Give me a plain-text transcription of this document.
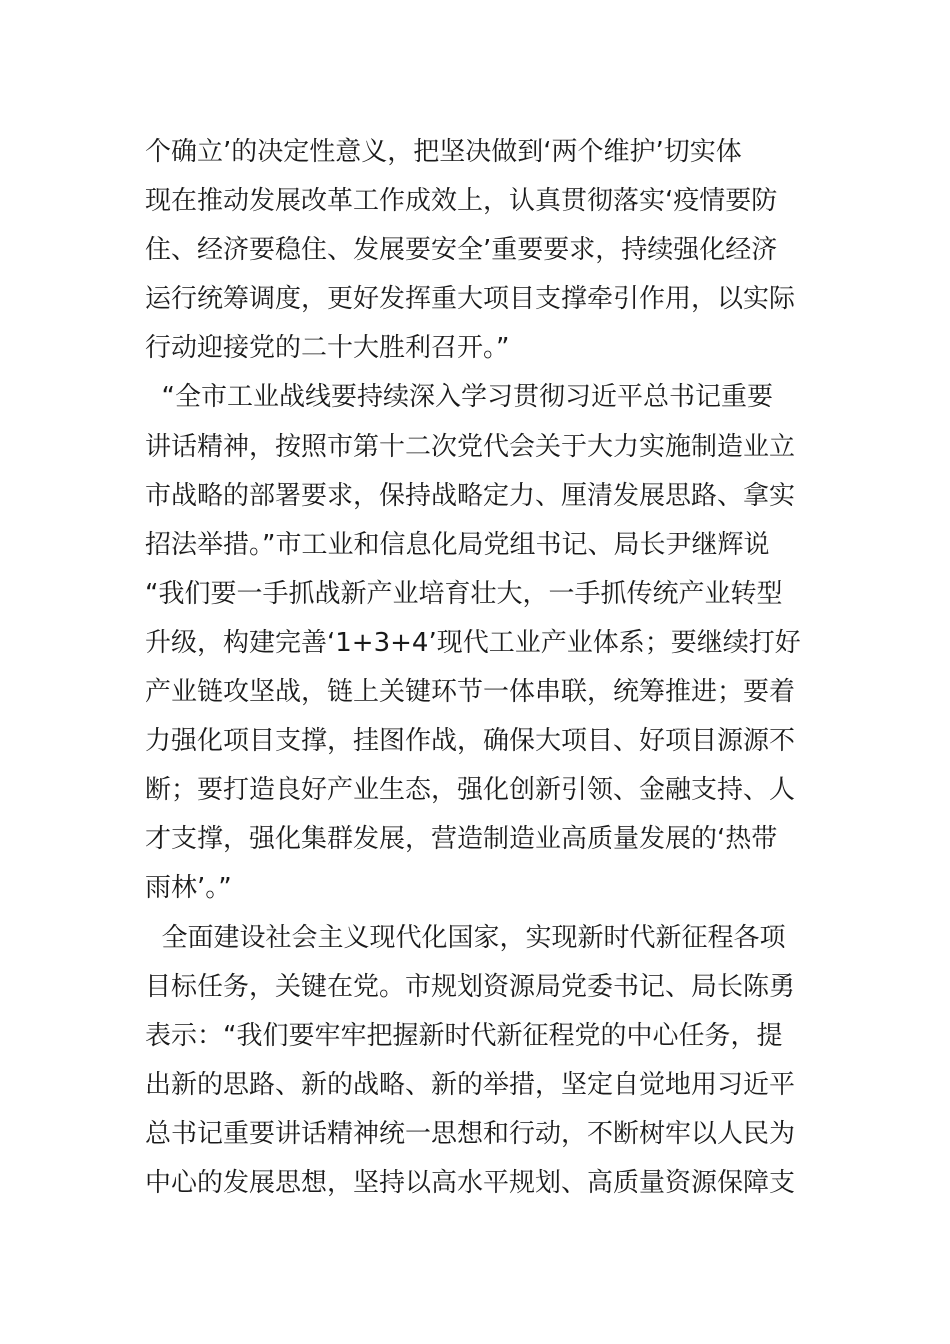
个确立’的决定性意义，把坚决做到‘两个维护’切实体
现在推动发展改革工作成效上，认真贯彻落实‘疫情要防
住、经济要稳住、发展要安全’重要要求，持续强化经济
运行统筹调度，更好发挥重大项目支撑牵引作用，以实际
行动迎接党的二十大胜利召开。”
“全市工业战线要持续深入学习贯彻习近平总书记重要
讲话精神，按照市第十二次党代会关于大力实施制造业立
市战略的部署要求，保持战略定力、厘清发展思路、拿实
招法举措。”市工业和信息化局党组书记、局长尹继辉说
“我们要一手抓战新产业培育壮大，一手抓传统产业转型
升级，构建完善‘1+3+4’现代工业产业体系；要继续打好
产业链攻坚战，链上关键环节一体串联，统筹推进；要着
力强化项目支撑，挂图作战，确保大项目、好项目源源不
断；要打造良好产业生态，强化创新引领、金融支持、人
才支撑，强化集群发展，营造制造业高质量发展的‘热带
雨林’。”
全面建设社会主义现代化国家，实现新时代新征程各项
目标任务，关键在党。市规划资源局党委书记、局长陈勇
表示：“我们要牢牢把握新时代新征程党的中心任务，提
出新的思路、新的战略、新的举措，坚定自觉地用习近平
总书记重要讲话精神统一思想和行动，不断树牢以人民为
中心的发展思想，坚持以高水平规划、高质量资源保障支
